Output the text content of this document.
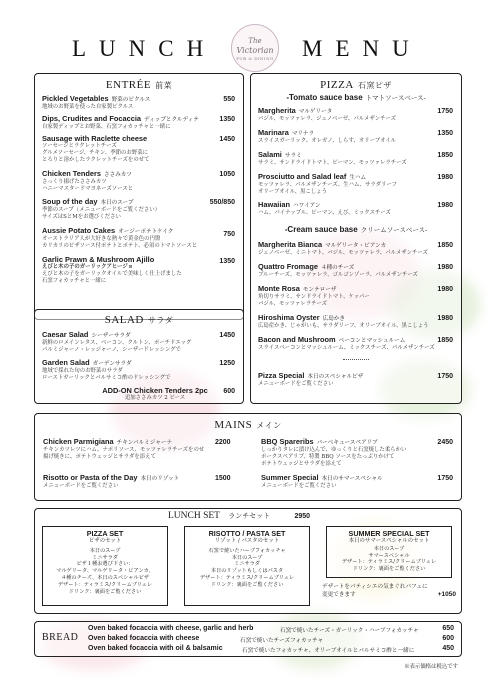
LUNCH	The
Victorian
PUB & DINING MENU
ENTRÉE 前菜
Pickled Vegetables 野菜のピクルス
地域のお野菜を使った自家製ピクルス
550
Dips, Crudites and Focaccia ディップとクルディテ
自家製ディップとお野菜、石窯フォカッチャと一緒に
1350
Sausage with Raclette cheese
ソーセージとラクレットチーズ
グルメソーセージ、チキン、季節のお野菜に
とろりと溶かしたラクレットチーズをのせて
1450
Chicken Tenders ささみカツ
さっくり揚げたささみカツ
ハニーマスタードマヨネーズソースと
1050
Soup of the day 本日のスープ
季節のスープ（メニューボードをご覧ください）
サイズはSとMをお選びください
550/850
Aussie Potato Cakes オージーポテトケイク
オーストラリア人が大好きな熱々で黄金色の円盤
カリカリのピザソース付ポテトとポテト、必須のトマトソースと
750
Garlic Prawn & Mushroom Ajillo
えびと木の子のガーリックアヒージョ
えびと木の子をガーリックオイルで美味しく仕上げました
石窯フォカッチャと一緒に
1350
SALAD サラダ
Caesar Salad シーザーサラダ
新鮮のロメインレタス、ベーコン、クルトン、ポーチドエッグ
パルミジャーノ・レッジャーノ、シーザードレッシングで
1450
Garden Salad ガーデンサラダ
地域で採れた旬のお野菜のサラダ
ローストガーリックとバルサミコ酢のドレッシングで
1250
ADD-ON Chicken Tenders 2pc
追加ささみカツ 2 ピース
600
PIZZA 石窯ピザ
-Tomato sauce base トマトソースベース-
Margherita マルゲリータ
バジル、モッツァレラ、ジェノベーゼ、パルメザンチーズ
1750
Marinara マリナラ
スライスガーリック、オレガノ、しらす、オリーブオイル
1350
Salami サラミ
サラミ、サンドライドトマト、ピーマン、モッツァレラチーズ
1850
Prosciutto and Salad leaf 生ハム
モッツァレラ、パルメザンチーズ、生ハム、サラダリーフ
オリーブオイル、黒こしょう
1980
Hawaiian ハワイアン
ハム、パイナップル、ピーマン、えび、ミックスチーズ
1980
-Cream sauce base クリームソースベース-
Margherita Bianca マルゲリータ・ビアンカ
ジェノベーゼ、ミニトマト、バジル、モッツァレラ、パルメザンチーズ
1850
Quattro Fromage ４種のチーズ
ブルーチーズ、モッツァレラ、ゴルゴンゾーラ、パルメザンチーズ
1980
Monte Rosa モンテローザ
角切りサラミ、サンドライドトマト、ケッパー
バジル、モッツァレラチーズ
1980
Hiroshima Oyster 広島かき
広島産かき、じゃがいも、サラダリーフ、オリーブオイル、黒こしょう
1980
Bacon and Mushroom ベーコンとマッシュルーム
スライスベーコンとマッシュルーム、ミックスチーズ、パルメザンチーズ
1850
Pizza Special 本日のスペシャルピザ
メニューボードをご覧ください
1750
MAINS メイン
Chicken Parmigiana チキンパルミジャーナ
チキンカツレツにハム、ナポリソース、モッツァレラチーズをのせ
揚げ焼きに、ポテトウェッジとサラダを添えて
2200
Risotto or Pasta of the Day 本日のリゾット
メニューボードをご覧ください
1500
BBQ Spareribs バーベキュースペアリブ
しっかりタレに漬け込んで、ゆっくりと石窯焼した柔らかい
ポークスペアリブ、特製 BBQ ソースをたっぷりかけて
ポテトウェッジとサラダを添えて
2450
Summer Special 本日のサマースペシャル
メニューボードをご覧ください
1750
LUNCH SET ランチセット	2950
PIZZA SET
ピザのセット
本日のスープ
ミニサラダ
ピザ１種お選び下さい：
マルゲリータ、マルゲリータ・ビアンカ、
４種のチーズ、本日のスペシャルピザ
デザート：ティラミス/クリームブリュレ
ドリンク：裏面をご覧ください
RISOTTO / PASTA SET
リゾット / パスタのセット
石窯で焼いたハーブフォカッチャ
本日のスープ
ミニサラダ
本日のリゾットもしくはパスタ
デザート：ティラミス/クリームブリュレ
ドリンク：裏面をご覧ください
SUMMER SPECIAL SET
本日のサマースペシャルのセット
本日のスープ
サマースペシャル
デザート：ティラミス/クリームブリュレ
ドリンク：裏面をご覧ください
デザートをパティシエの気まぐれパフェに
変更できます	+1050
BREAD
Oven baked focaccia with cheese, garlic and herb	石窯で焼いたチーズ・ガーリック・ハーブフォカッチャ	650
Oven baked focaccia with cheese	石窯で焼いたチーズフォカッチャ	600
Oven baked focaccia with oil & balsamic	石窯で焼いたフォカッチャ、オリーブオイルとバルサミコ酢と一緒に	450
※表示価格は税込です
